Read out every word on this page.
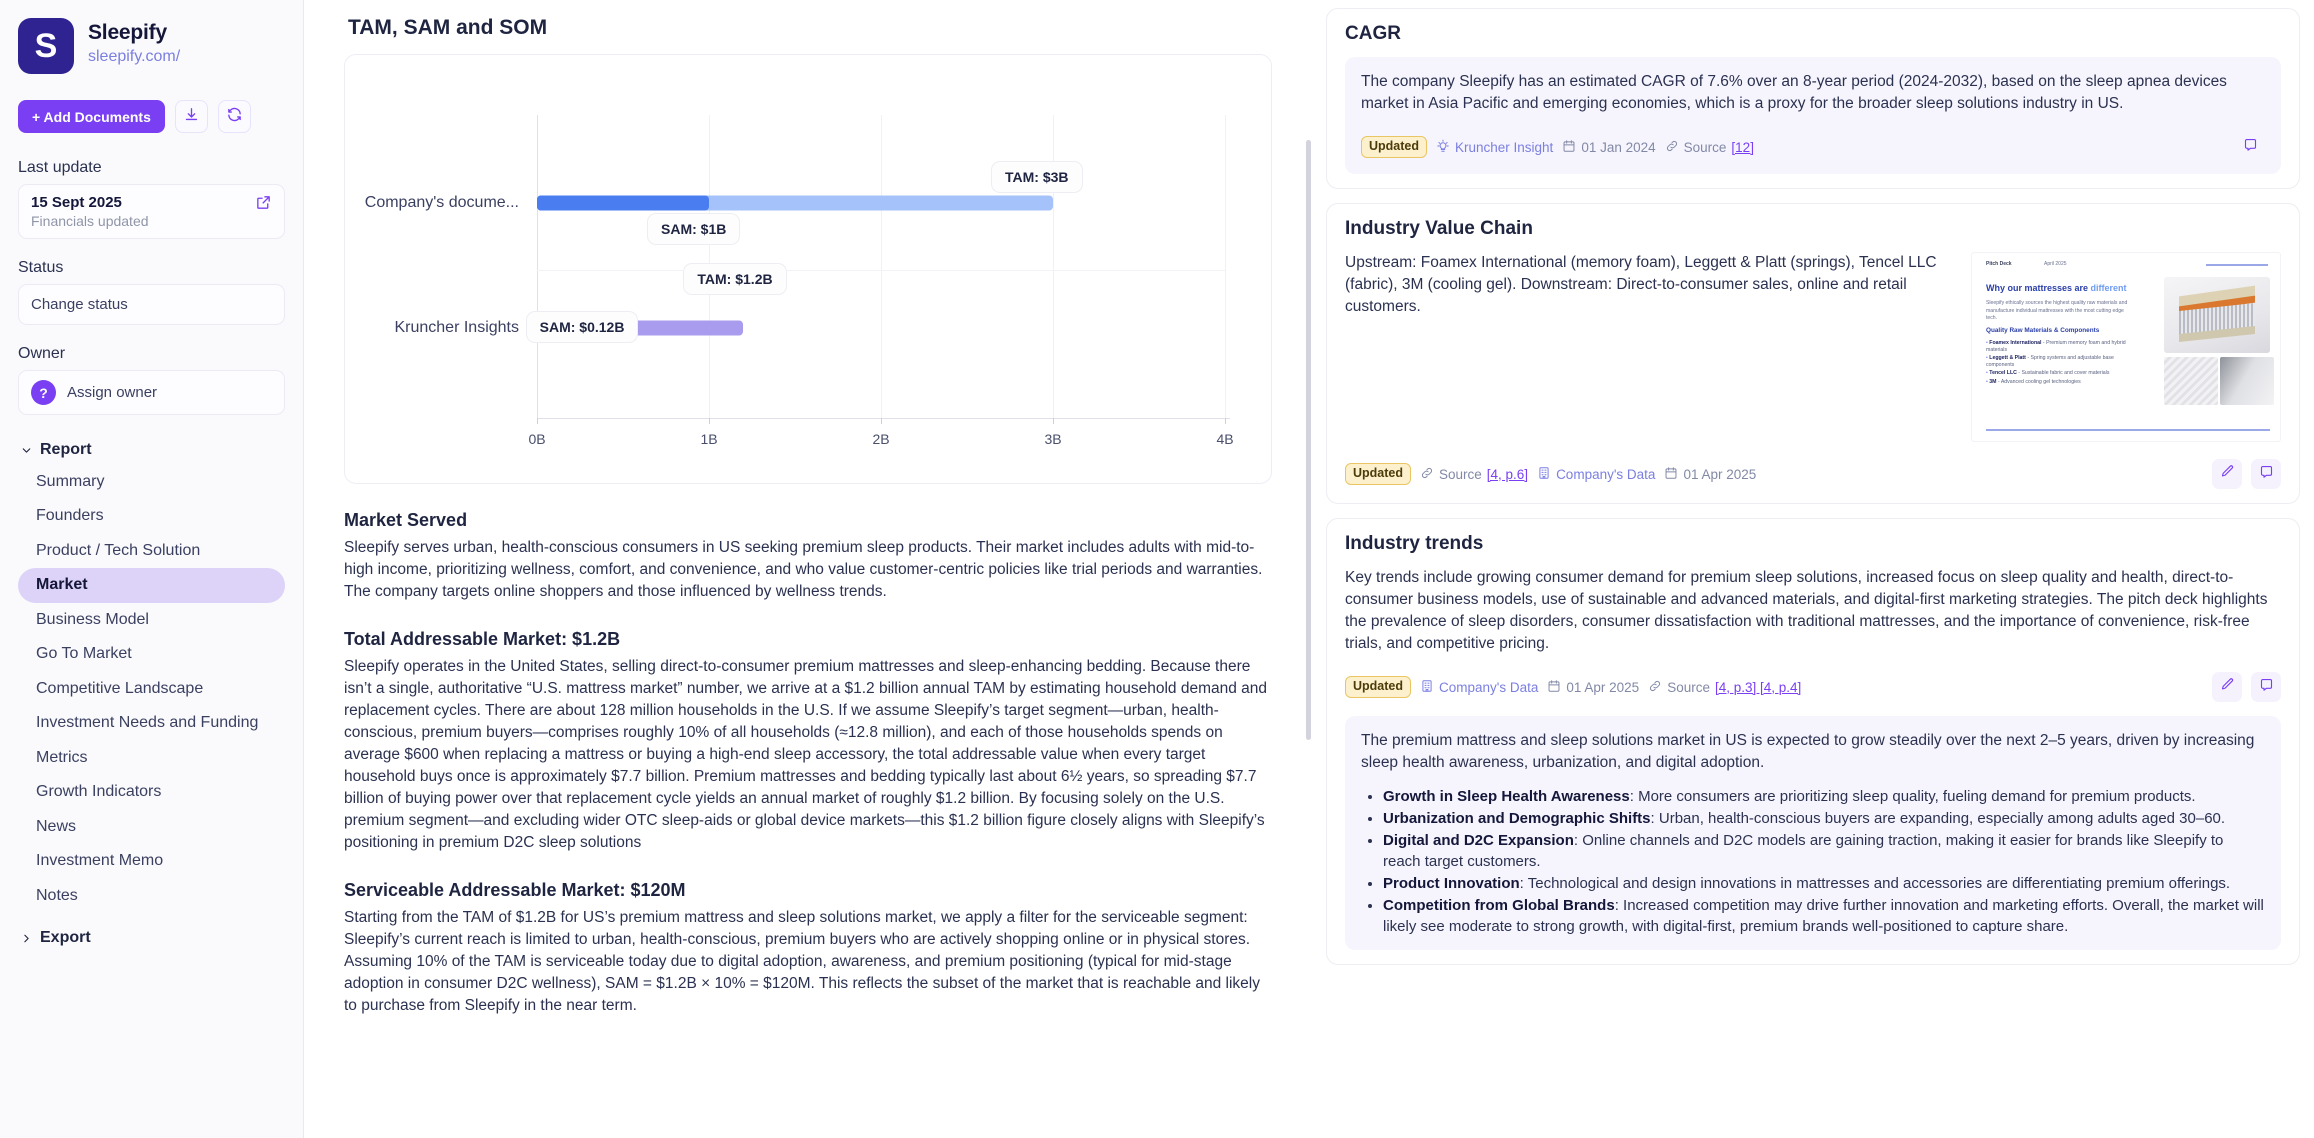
S	Sleepify
sleepify.com/
+ Add Documents
Last update
15 Sept 2025
Financials updated
Status
Change status
Owner
?	Assign owner
Report
Summary
Founders
Product / Tech Solution
Market
Business Model
Go To Market
Competitive Landscape
Investment Needs and Funding
Metrics
Growth Indicators
News
Investment Memo
Notes
Export
TAM, SAM and SOM
0B	1B	2B	3B	4B
Company's docume...
Kruncher Insights
TAM: $3B
SAM: $1B
TAM: $1.2B
SAM: $0.12B
Market Served
Sleepify serves urban, health-conscious consumers in US seeking premium sleep products. Their market includes adults with mid-to-high income, prioritizing wellness, comfort, and convenience, and who value customer-centric policies like trial periods and warranties. The company targets online shoppers and those influenced by wellness trends.
Total Addressable Market: $1.2B
Sleepify operates in the United States, selling direct-to-consumer premium mattresses and sleep-enhancing bedding. Because there isn’t a single, authoritative “U.S. mattress market” number, we arrive at a $1.2 billion annual TAM by estimating household demand and replacement cycles. There are about 128 million households in the U.S. If we assume Sleepify’s target segment—urban, health-conscious, premium buyers—comprises roughly 10% of all households (≈12.8 million), and each of those households spends on average $600 when replacing a mattress or buying a high-end sleep accessory, the total addressable value when every target household buys once is approximately $7.7 billion. Premium mattresses and bedding typically last about 6½ years, so spreading $7.7 billion of buying power over that replacement cycle yields an annual market of roughly $1.2 billion. By focusing solely on the U.S. premium segment—and excluding wider OTC sleep-aids or global device markets—this $1.2 billion figure closely aligns with Sleepify’s positioning in premium D2C sleep solutions
Serviceable Addressable Market: $120M
Starting from the TAM of $1.2B for US’s premium mattress and sleep solutions market, we apply a filter for the serviceable segment: Sleepify’s current reach is limited to urban, health-conscious, premium buyers who are actively shopping online or in physical stores. Assuming 10% of the TAM is serviceable today due to digital adoption, awareness, and premium positioning (typical for mid-stage adoption in consumer D2C wellness), SAM = $1.2B × 10% = $120M. This reflects the subset of the market that is reachable and likely to purchase from Sleepify in the near term.
CAGR
The company Sleepify has an estimated CAGR of 7.6% over an 8-year period (2024-2032), based on the sleep apnea devices market in Asia Pacific and emerging economies, which is a proxy for the broader sleep solutions industry in US.
Updated	Kruncher Insight 01 Jan 2024 Source [12]
Industry Value Chain
Upstream: Foamex International (memory foam), Leggett & Platt (springs), Tencel LLC (fabric), 3M (cooling gel). Downstream: Direct-to-consumer sales, online and retail customers.
Pitch Deck	April 2025
Why our mattresses are different
Sleepify ethically sources the highest quality raw materials and manufacture individual mattresses with the most cutting edge tech.
Quality Raw Materials & Components
• Foamex International - Premium memory foam and hybrid materials
• Leggett & Platt - Spring systems and adjustable base components
• Tencel LLC - Sustainable fabric and cover materials
• 3M - Advanced cooling gel technologies
Updated	Source [4, p.6] Company's Data 01 Apr 2025
Industry trends
Key trends include growing consumer demand for premium sleep solutions, increased focus on sleep quality and health, direct-to-consumer business models, use of sustainable and advanced materials, and digital-first marketing strategies. The pitch deck highlights the prevalence of sleep disorders, consumer dissatisfaction with traditional mattresses, and the importance of convenience, risk-free trials, and competitive pricing.
Updated	Company's Data 01 Apr 2025 Source [4, p.3] [4, p.4]
The premium mattress and sleep solutions market in US is expected to grow steadily over the next 2–5 years, driven by increasing sleep health awareness, urbanization, and digital adoption.
• Growth in Sleep Health Awareness: More consumers are prioritizing sleep quality, fueling demand for premium products.
• Urbanization and Demographic Shifts: Urban, health-conscious buyers are expanding, especially among adults aged 30–60.
• Digital and D2C Expansion: Online channels and D2C models are gaining traction, making it easier for brands like Sleepify to reach target customers.
• Product Innovation: Technological and design innovations in mattresses and accessories are differentiating premium offerings.
• Competition from Global Brands: Increased competition may drive further innovation and marketing efforts. Overall, the market will likely see moderate to strong growth, with digital-first, premium brands well-positioned to capture share.
